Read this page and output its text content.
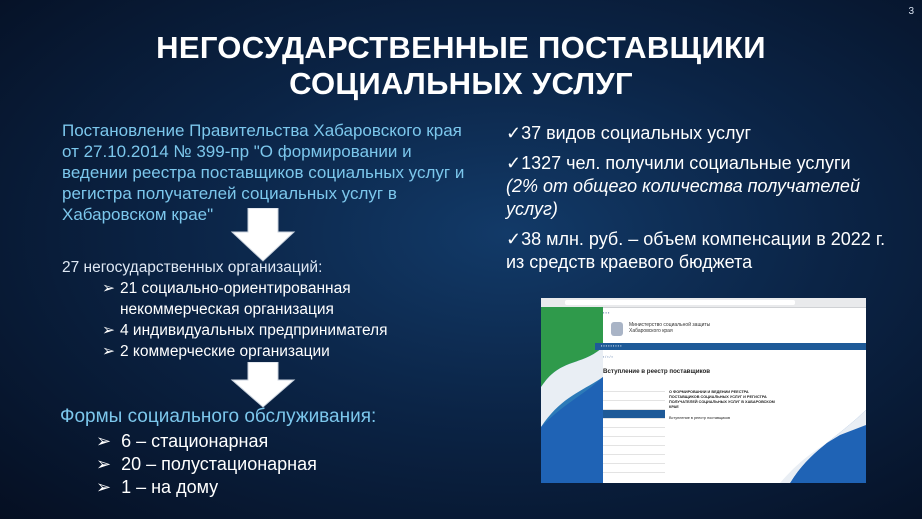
3
НЕГОСУДАРСТВЕННЫЕ ПОСТАВЩИКИ
СОЦИАЛЬНЫХ УСЛУГ
Постановление Правительства Хабаровского края от 27.10.2014 № 399-пр "О формировании и ведении реестра поставщиков социальных услуг и регистра получателей социальных услуг в Хабаровском крае"
27 негосударственных организаций:
➢ 21 социально-ориентированная некоммерческая организация
➢ 4 индивидуальных предпринимателя
➢ 2 коммерческие организации
Формы социального обслуживания:
➢ 6 – стационарная
➢ 20 – полустационарная
➢ 1 – на дому

✓37 видов социальных услуг

✓1327 чел. получили социальные услуги
(2% от общего количества получателей услуг)

✓38 млн. руб. – объем компенсации в 2022 г. из средств краевого бюджета

▪ ▪ ▪
Министерство социальной защиты
Хабаровского края
▪ ▪ ▪ ▪ ▪ ▪ ▪ ▪ ▪
▪ / ▪ / ▪
Вступление в реестр поставщиков

О ФОРМИРОВАНИИ И ВЕДЕНИИ РЕЕСТРА ПОСТАВЩИКОВ СОЦИАЛЬНЫХ УСЛУГ И РЕГИСТРА ПОЛУЧАТЕЛЕЙ СОЦИАЛЬНЫХ УСЛУГ В ХАБАРОВСКОМ КРАЕ
Вступление в реестр поставщиков
